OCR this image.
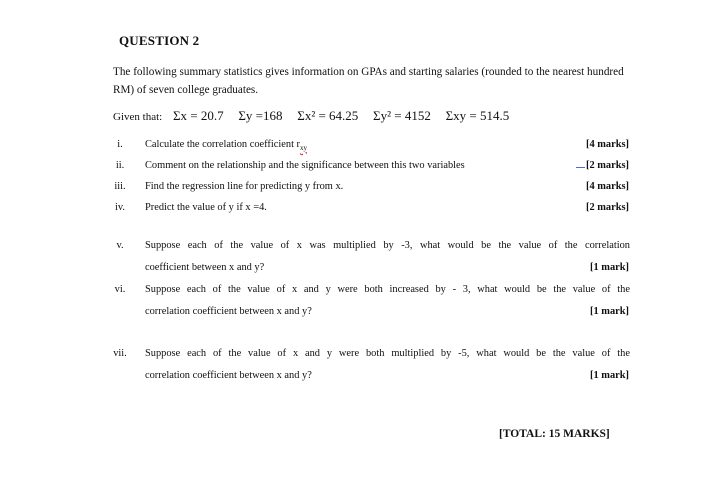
QUESTION 2
The following summary statistics gives information on GPAs and starting salaries (rounded to the nearest hundred RM) of seven college graduates.
Given that: Σx = 20.7 Σy =168 Σx² = 64.25 Σy² = 4152 Σxy = 514.5
i.	Calculate the correlation coefficient $r_{xy}$	[4 marks]
ii.	Comment on the relationship and the significance between this two variables	[2 marks]
iii.	Find the regression line for predicting y from x.	[4 marks]
iv.	Predict the value of y if x =4.	[2 marks]
v.	Suppose each of the value of x was multiplied by -3, what would be the value of the correlation
coefficient between x and y?	[1 mark]
vi.	Suppose each of the value of x and y were both increased by - 3, what would be the value of the
correlation coefficient between x and y?	[1 mark]
vii.	Suppose each of the value of x and y were both multiplied by -5, what would be the value of the
correlation coefficient between x and y?	[1 mark]
[TOTAL: 15 MARKS]
